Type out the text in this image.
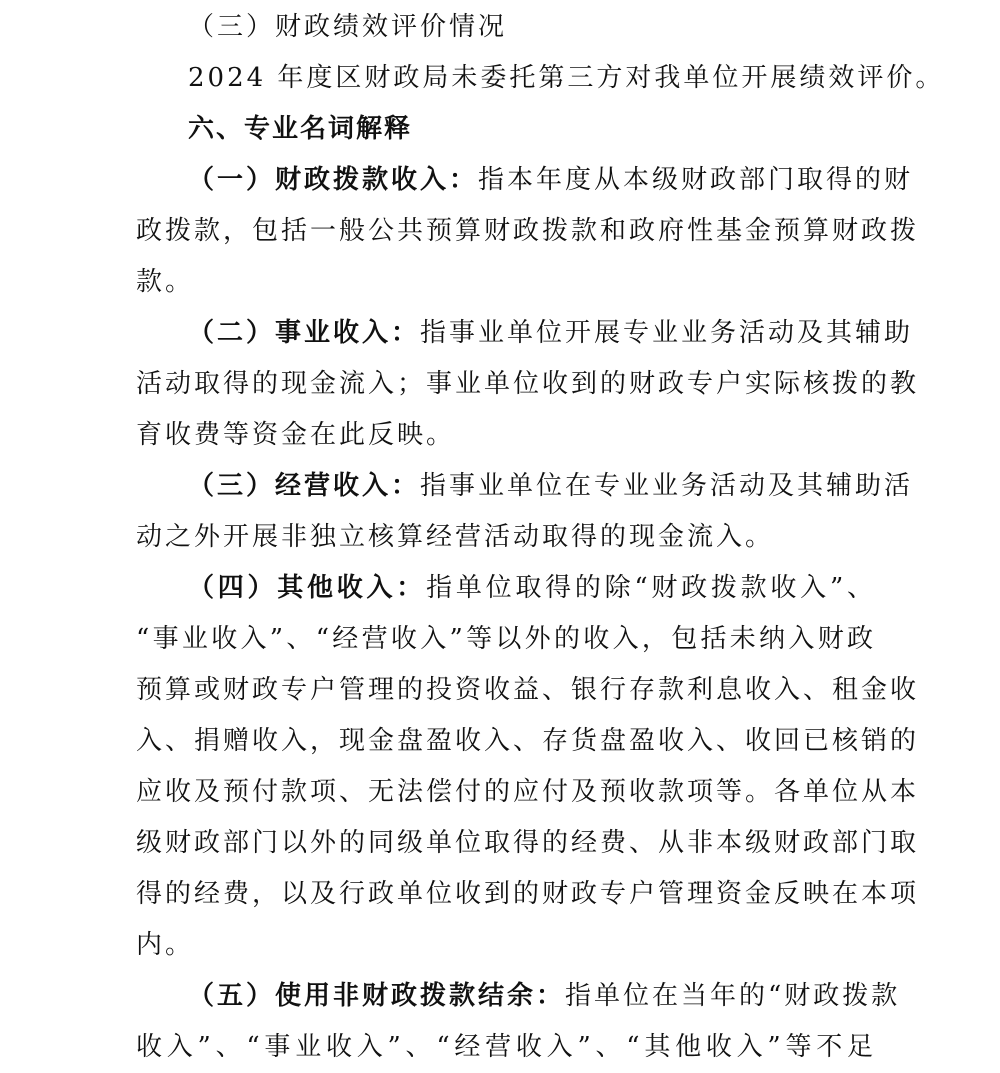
（三）财政绩效评价情况
2024 年度区财政局未委托第三方对我单位开展绩效评价。
六、专业名词解释
（一）财政拨款收入：指本年度从本级财政部门取得的财
政拨款，包括一般公共预算财政拨款和政府性基金预算财政拨
款。
（二）事业收入：指事业单位开展专业业务活动及其辅助
活动取得的现金流入；事业单位收到的财政专户实际核拨的教
育收费等资金在此反映。
（三）经营收入：指事业单位在专业业务活动及其辅助活
动之外开展非独立核算经营活动取得的现金流入。
（四）其他收入：指单位取得的除“财政拨款收入”、
“事业收入”、“经营收入”等以外的收入，包括未纳入财政
预算或财政专户管理的投资收益、银行存款利息收入、租金收
入、捐赠收入，现金盘盈收入、存货盘盈收入、收回已核销的
应收及预付款项、无法偿付的应付及预收款项等。各单位从本
级财政部门以外的同级单位取得的经费、从非本级财政部门取
得的经费，以及行政单位收到的财政专户管理资金反映在本项
内。
（五）使用非财政拨款结余：指单位在当年的“财政拨款
收入”、“事业收入”、“经营收入”、“其他收入”等不足
